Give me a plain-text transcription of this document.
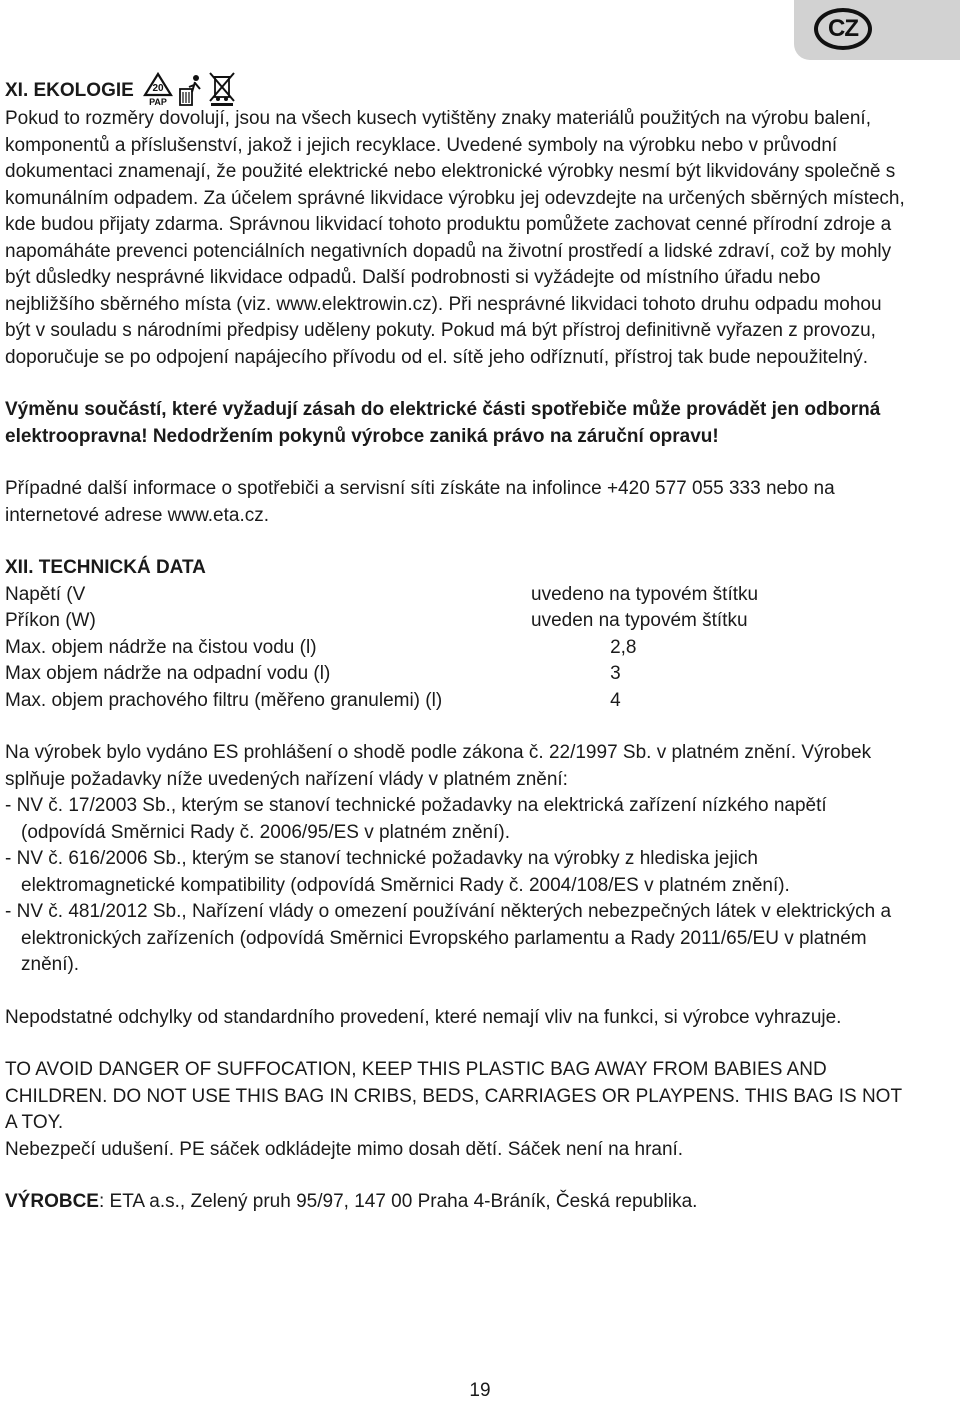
CZ
XI. EKOLOGIE 20
PAP

Pokud to rozměry dovolují, jsou na všech kusech vytištěny znaky materiálů použitých na výrobu balení, komponentů a příslušenství, jakož i jejich recyklace. Uvedené symboly na výrobku nebo v průvodní dokumentaci znamenají, že použité elektrické nebo elektronické výrobky nesmí být likvidovány společně s komunálním odpadem. Za účelem správné likvidace výrobku jej odevzdejte na určených sběrných místech, kde budou přijaty zdarma. Správnou likvidací tohoto produktu pomůžete zachovat cenné přírodní zdroje a napomáháte prevenci potenciálních negativních dopadů na životní prostředí a lidské zdraví, což by mohly být důsledky nesprávné likvidace odpadů. Další podrobnosti si vyžádejte od místního úřadu nebo nejbližšího sběrného místa (viz. www.elektrowin.cz). Při nesprávné likvidaci tohoto druhu odpadu mohou být v souladu s národními předpisy uděleny pokuty. Pokud má být přístroj definitivně vyřazen z provozu, doporučuje se po odpojení napájecího přívodu od el. sítě jeho odříznutí, přístroj tak bude nepoužitelný.

Výměnu součástí, které vyžadují zásah do elektrické části spotřebiče může provádět jen odborná elektroopravna! Nedodržením pokynů výrobce zaniká právo na záruční opravu!

Případné další informace o spotřebiči a servisní síti získáte na infolince +420 577 055 333 nebo na internetové adrese www.eta.cz.

XII. TECHNICKÁ DATA

Napětí (V	uvedeno na typovém štítku
Příkon (W)	uveden na typovém štítku
Max. objem nádrže na čistou vodu (l)	2,8
Max objem nádrže na odpadní vodu (l)	3
Max. objem prachového filtru (měřeno granulemi) (l)	4

Na výrobek bylo vydáno ES prohlášení o shodě podle zákona č. 22/1997 Sb. v platném znění. Výrobek splňuje požadavky níže uvedených nařízení vlády v platném znění:

- NV č. 17/2003 Sb., kterým se stanoví technické požadavky na elektrická zařízení nízkého napětí (odpovídá Směrnici Rady č. 2006/95/ES v platném znění).

- NV č. 616/2006 Sb., kterým se stanoví technické požadavky na výrobky z hlediska jejich elektromagnetické kompatibility (odpovídá Směrnici Rady č. 2004/108/ES v platném znění).

- NV č. 481/2012 Sb., Nařízení vlády o omezení používání některých nebezpečných látek v elektrických a elektronických zařízeních (odpovídá Směrnici Evropského parlamentu a Rady 2011/65/EU v platném znění).

Nepodstatné odchylky od standardního provedení, které nemají vliv na funkci, si výrobce vyhrazuje.

TO AVOID DANGER OF SUFFOCATION, KEEP THIS PLASTIC BAG AWAY FROM BABIES AND CHILDREN. DO NOT USE THIS BAG IN CRIBS, BEDS, CARRIAGES OR PLAYPENS. THIS BAG IS NOT A TOY.

Nebezpečí udušení. PE sáček odkládejte mimo dosah dětí. Sáček není na hraní.

VÝROBCE: ETA a.s., Zelený pruh 95/97, 147 00 Praha 4-Bráník, Česká republika.

19
